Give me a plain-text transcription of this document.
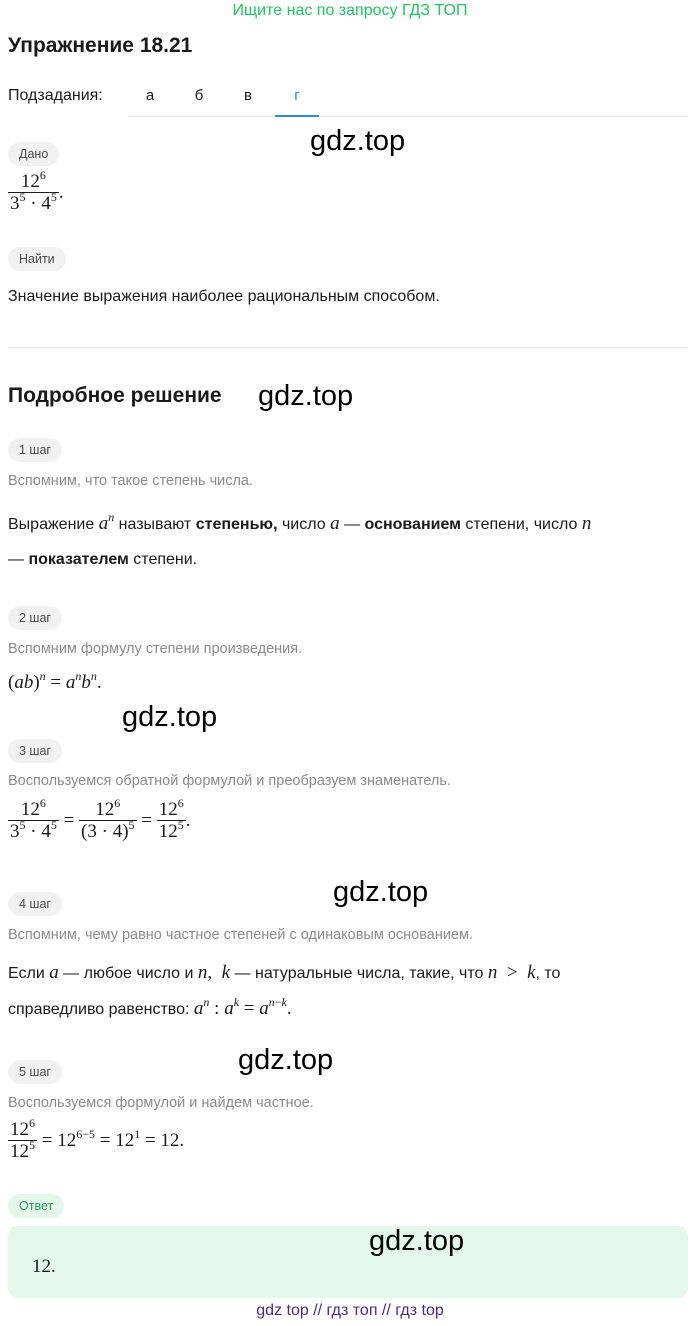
Ищите нас по запросу ГДЗ ТОП
Упражнение 18.21
Подзадания:	а	б	в	г
Дано	gdz.top
$\frac{12^6}{3^5 \cdot 4^5}$ .
Найти
Значение выражения наиболее рациональным способом.
Подробное решение gdz.top
1 шаг
Вспомним, что такое степень числа.
Выражение $a^n$ называют степенью, число a — основанием степени, число n
— показателем степени.
2 шаг
Вспомним формулу степени произведения.
$(ab)^n = a^nb^n$.
gdz.top
3 шаг
Воспользуемся обратной формулой и преобразуем знаменатель.
$\frac{12^6}{3^5 \cdot 4^5} = \frac{12^6}{(3 \cdot 4)^5} = \frac{12^6}{12^5}$ .
gdz.top
4 шаг
Вспомним, чему равно частное степеней с одинаковым основанием.
Если a — любое число и n,  k — натуральные числа, такие, что n  >  k, то
справедливо равенство: $a^n$ : $a^k = a^{n-k}$.
gdz.top
5 шаг
Воспользуемся формулой и найдем частное.
$\frac{12^6}{12^5} = 12^{6-5} = 12^1 = 12$.
Ответ
gdz.top
12.
gdz top // гдз топ // гдз top
